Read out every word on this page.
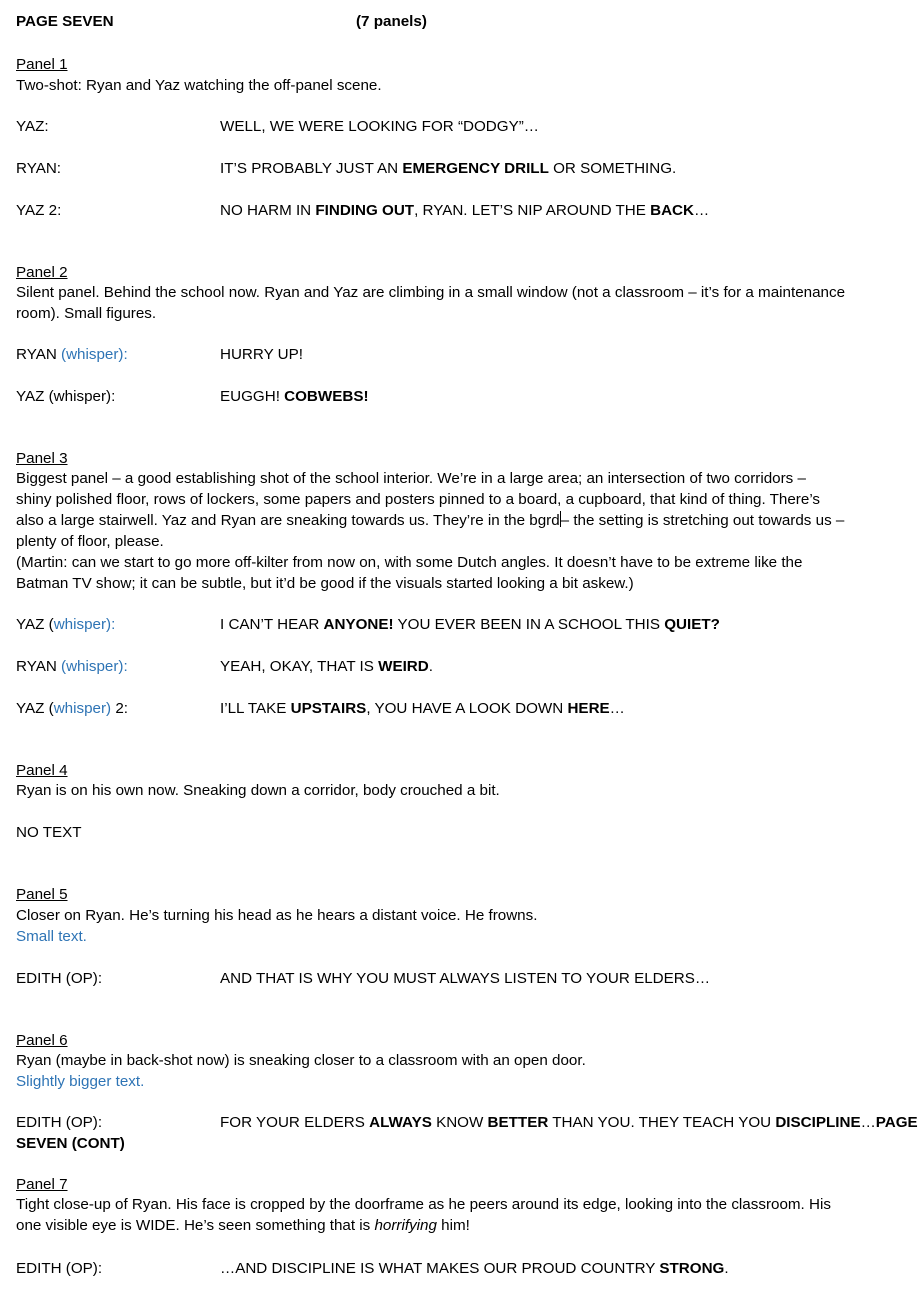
PAGE SEVEN	(7 panels)
Panel 1
Two-shot: Ryan and Yaz watching the off-panel scene.
YAZ:	WELL, WE WERE LOOKING FOR “DODGY”…
RYAN:	IT’S PROBABLY JUST AN EMERGENCY DRILL OR SOMETHING.
YAZ 2:	NO HARM IN FINDING OUT, RYAN. LET’S NIP AROUND THE BACK…
Panel 2
Silent panel. Behind the school now. Ryan and Yaz are climbing in a small window (not a classroom – it’s for a maintenance
room). Small figures.
RYAN (whisper):	HURRY UP!
YAZ (whisper):	EUGGH! COBWEBS!
Panel 3
Biggest panel – a good establishing shot of the school interior. We’re in a large area; an intersection of two corridors –
shiny polished floor, rows of lockers, some papers and posters pinned to a board, a cupboard, that kind of thing. There’s
also a large stairwell. Yaz and Ryan are sneaking towards us. They’re in the bgrd– the setting is stretching out towards us –
plenty of floor, please.
(Martin: can we start to go more off-kilter from now on, with some Dutch angles. It doesn’t have to be extreme like the
Batman TV show; it can be subtle, but it’d be good if the visuals started looking a bit askew.)
YAZ (whisper):	I CAN’T HEAR ANYONE! YOU EVER BEEN IN A SCHOOL THIS QUIET?
RYAN (whisper):	YEAH, OKAY, THAT IS WEIRD.
YAZ (whisper) 2:	I’LL TAKE UPSTAIRS, YOU HAVE A LOOK DOWN HERE…
Panel 4
Ryan is on his own now. Sneaking down a corridor, body crouched a bit.
NO TEXT
Panel 5
Closer on Ryan. He’s turning his head as he hears a distant voice. He frowns.
Small text.
EDITH (OP):	AND THAT IS WHY YOU MUST ALWAYS LISTEN TO YOUR ELDERS…
Panel 6
Ryan (maybe in back-shot now) is sneaking closer to a classroom with an open door.
Slightly bigger text.
EDITH (OP):	FOR YOUR ELDERS ALWAYS KNOW BETTER THAN YOU. THEY TEACH YOU DISCIPLINE…PAGE
SEVEN (CONT)
Panel 7
Tight close-up of Ryan. His face is cropped by the doorframe as he peers around its edge, looking into the classroom. His
one visible eye is WIDE. He’s seen something that is horrifying him!
EDITH (OP):	…AND DISCIPLINE IS WHAT MAKES OUR PROUD COUNTRY STRONG.
